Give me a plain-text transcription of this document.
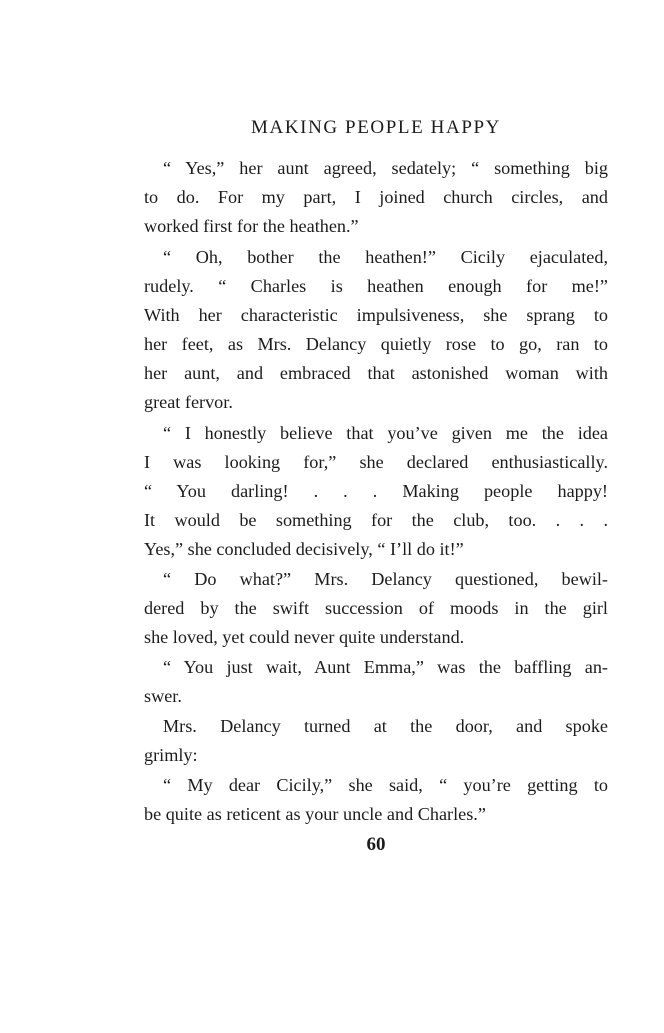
MAKING PEOPLE HAPPY
“ Yes,” her aunt agreed, sedately; “ something big
to do. For my part, I joined church circles, and
worked first for the heathen.”
“ Oh, bother the heathen!” Cicily ejaculated,
rudely. “ Charles is heathen enough for me!”
With her characteristic impulsiveness, she sprang to
her feet, as Mrs. Delancy quietly rose to go, ran to
her aunt, and embraced that astonished woman with
great fervor.
“ I honestly believe that you’ve given me the idea
I was looking for,” she declared enthusiastically.
“ You darling! . . . Making people happy!
It would be something for the club, too. . . .
Yes,” she concluded decisively, “ I’ll do it!”
“ Do what?” Mrs. Delancy questioned, bewil-
dered by the swift succession of moods in the girl
she loved, yet could never quite understand.
“ You just wait, Aunt Emma,” was the baffling an-
swer.
Mrs. Delancy turned at the door, and spoke
grimly:
“ My dear Cicily,” she said, “ you’re getting to
be quite as reticent as your uncle and Charles.”
60
